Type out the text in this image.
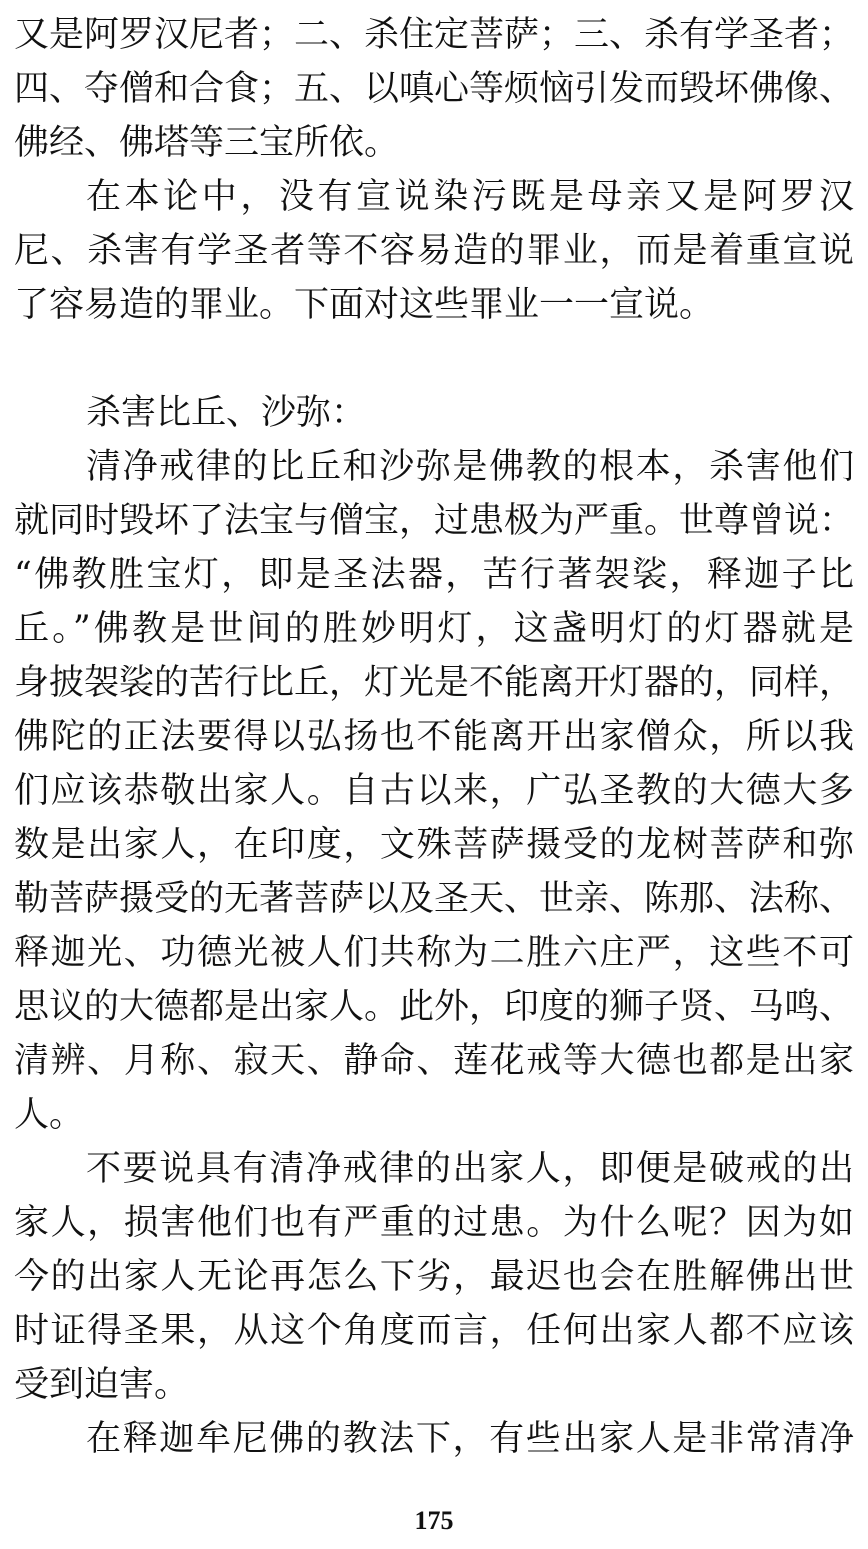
又是阿罗汉尼者；二、杀住定菩萨；三、杀有学圣者；
四、夺僧和合食；五、以嗔心等烦恼引发而毁坏佛像、
佛经、佛塔等三宝所依。
在本论中，没有宣说染污既是母亲又是阿罗汉
尼、杀害有学圣者等不容易造的罪业，而是着重宣说
了容易造的罪业。下面对这些罪业一一宣说。
杀害比丘、沙弥：
清净戒律的比丘和沙弥是佛教的根本，杀害他们
就同时毁坏了法宝与僧宝，过患极为严重。世尊曾说：
“佛教胜宝灯，即是圣法器，苦行著袈裟，释迦子比
丘。”佛教是世间的胜妙明灯，这盏明灯的灯器就是
身披袈裟的苦行比丘，灯光是不能离开灯器的，同样，
佛陀的正法要得以弘扬也不能离开出家僧众，所以我
们应该恭敬出家人。自古以来，广弘圣教的大德大多
数是出家人，在印度，文殊菩萨摄受的龙树菩萨和弥
勒菩萨摄受的无著菩萨以及圣天、世亲、陈那、法称、
释迦光、功德光被人们共称为二胜六庄严，这些不可
思议的大德都是出家人。此外，印度的狮子贤、马鸣、
清辨、月称、寂天、静命、莲花戒等大德也都是出家
人。
不要说具有清净戒律的出家人，即便是破戒的出
家人，损害他们也有严重的过患。为什么呢？因为如
今的出家人无论再怎么下劣，最迟也会在胜解佛出世
时证得圣果，从这个角度而言，任何出家人都不应该
受到迫害。
在释迦牟尼佛的教法下，有些出家人是非常清净
175
